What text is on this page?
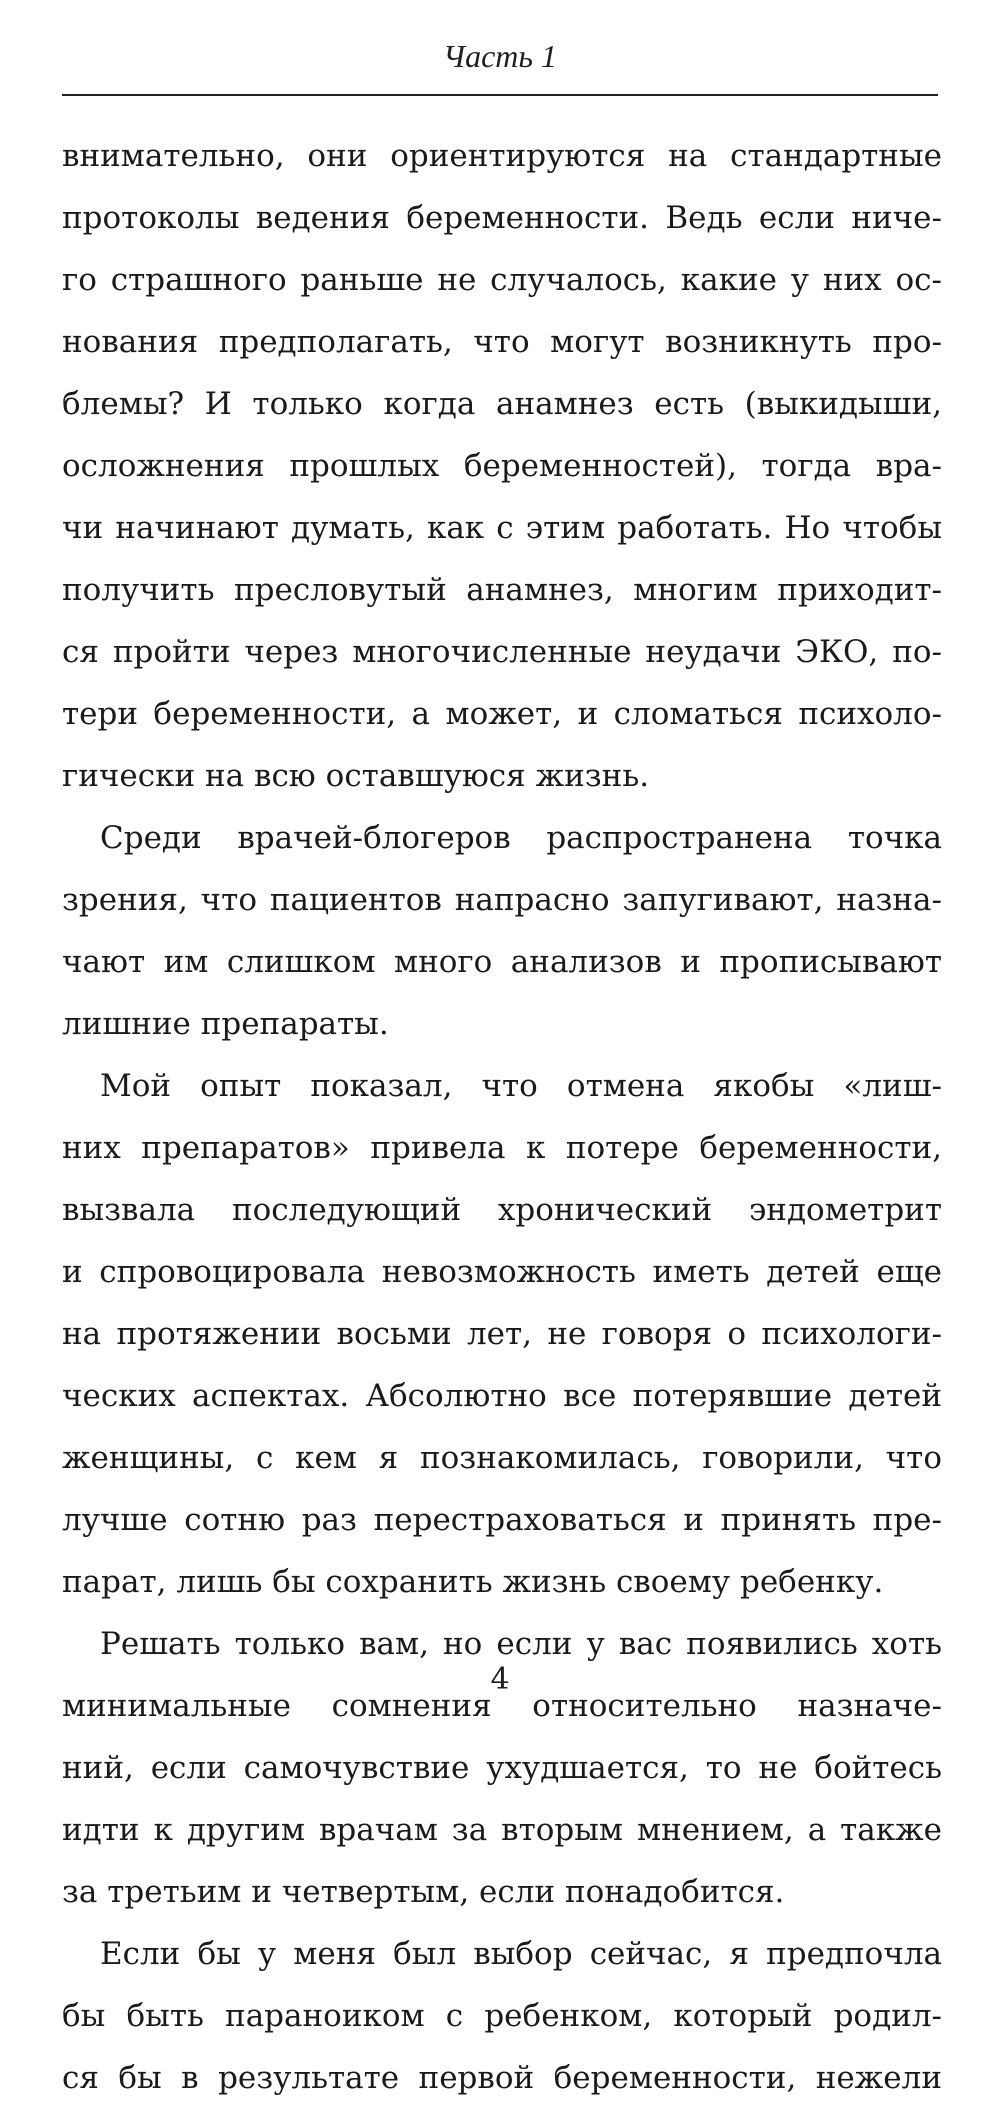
Часть 1
внимательно, они ориентируются на стандартные
протоколы ведения беременности. Ведь если ниче-
го страшного раньше не случалось, какие у них ос-
нования предполагать, что могут возникнуть про-
блемы? И только когда анамнез есть (выкидыши,
осложнения прошлых беременностей), тогда вра-
чи начинают думать, как с этим работать. Но чтобы
получить пресловутый анамнез, многим приходит-
ся пройти через многочисленные неудачи ЭКО, по-
тери беременности, а может, и сломаться психоло-
гически на всю оставшуюся жизнь.
Среди врачей-блогеров распространена точка
зрения, что пациентов напрасно запугивают, назна-
чают им слишком много анализов и прописывают
лишние препараты.
Мой опыт показал, что отмена якобы «лиш-
них препаратов» привела к потере беременности,
вызвала последующий хронический эндометрит
и спровоцировала невозможность иметь детей еще
на протяжении восьми лет, не говоря о психологи-
ческих аспектах. Абсолютно все потерявшие детей
женщины, с кем я познакомилась, говорили, что
лучше сотню раз перестраховаться и принять пре-
парат, лишь бы сохранить жизнь своему ребенку.
Решать только вам, но если у вас появились хоть
минимальные сомнения относительно назначе-
ний, если самочувствие ухудшается, то не бойтесь
идти к другим врачам за вторым мнением, а также
за третьим и четвертым, если понадобится.
Если бы у меня был выбор сейчас, я предпочла
бы быть параноиком с ребенком, который родил-
ся бы в результате первой беременности, нежели
4
